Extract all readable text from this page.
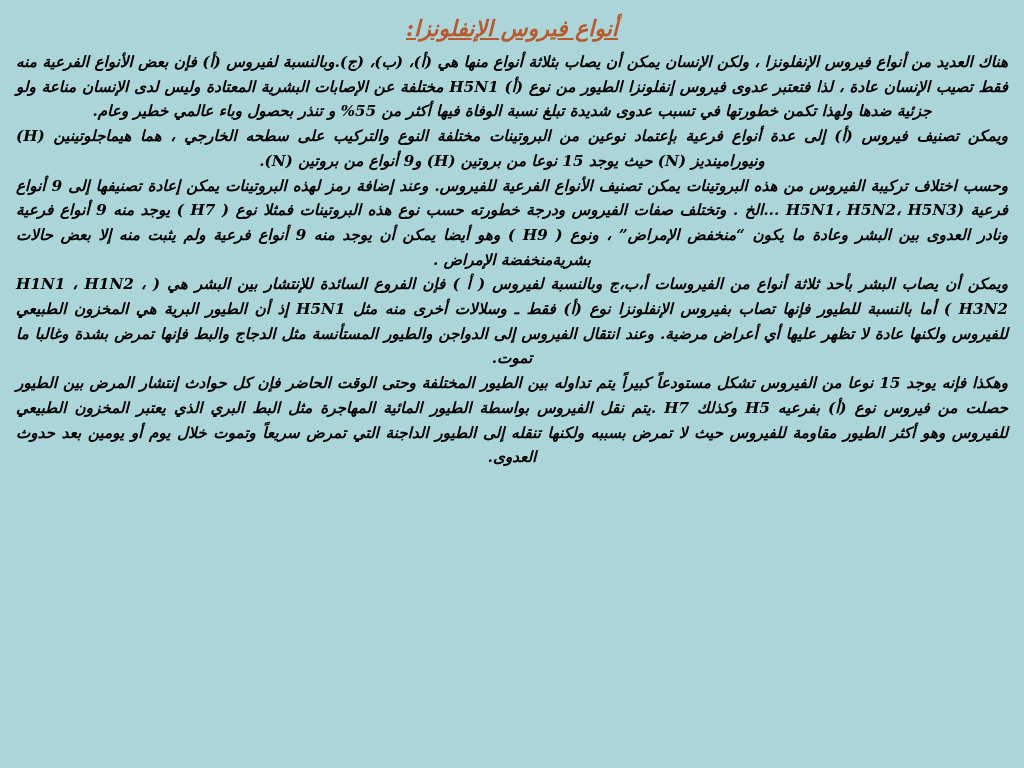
أنواع فيروس الإنفلونزا:

هناك العديد من أنواع فيروس الإنفلونزا ، ولكن الإنسان يمكن أن يصاب بثلاثة أنواع منها هي (أ)، (ب)، (ج).وبالنسبة لفيروس (أ) فإن بعض الأنواع الفرعية منه فقط تصيب الإنسان عادة ، لذا فتعتبر عدوى فيروس إنفلونزا الطيور من نوع (أ) H5N1 مختلفة عن الإصابات البشرية المعتادة وليس لدى الإنسان مناعة ولو جزئية ضدها ولهذا تكمن خطورتها في تسبب عدوى شديدة تبلغ نسبة الوفاة فيها أكثر من 55% و تنذر بحصول وباء عالمي خطير وعام.

ويمكن تصنيف فيروس (أ) إلى عدة أنواع فرعية بإعتماد نوعين من البروتينات مختلفة النوع والتركيب على سطحه الخارجي ، هما هيماجلوتينين (H) ونيورامينديز (N) حيث يوجد 15 نوعا من بروتين (H) و9 أنواع من بروتين (N).

وحسب اختلاف تركيبة الفيروس من هذه البروتينات يمكن تصنيف الأنواع الفرعية للفيروس. وعند إضافة رمز لهذه البروتينات يمكن إعادة تصنيفها إلى 9 أنواع فرعية (H5N1، H5N2، H5N3 ...الخ . وتختلف صفات الفيروس ودرجة خطورته حسب نوع هذه البروتينات فمثلا نوع ( H7 ) يوجد منه 9 أنواع فرعية ونادر العدوى بين البشر وعادة ما يكون “منخفض الإمراض” ، ونوع ( H9 ) وهو أيضا يمكن أن يوجد منه 9 أنواع فرعية ولم يثبت منه إلا بعض حالات بشريةمنخفضة الإمراض .

ويمكن أن يصاب البشر بأحد ثلاثة أنواع من الفيروسات أ،ب،ج وبالنسبة لفيروس ( أ ) فإن الفروع السائدة للإنتشار بين البشر هي ( H1N1 ، H1N2 ، H3N2 ) أما بالنسبة للطيور فإنها تصاب بفيروس الإنفلونزا نوع (أ) فقط ـ وسلالات أخرى منه مثل H5N1 إذ أن الطيور البرية هي المخزون الطبيعي للفيروس ولكنها عادة لا تظهر عليها أي أعراض مرضية. وعند انتقال الفيروس إلى الدواجن والطيور المستأنسة مثل الدجاج والبط فإنها تمرض بشدة وغالبا ما تموت.

وهكذا فإنه يوجد 15 نوعا من الفيروس تشكل مستودعاً كبيراً يتم تداوله بين الطيور المختلفة وحتى الوقت الحاضر فإن كل حوادث إنتشار المرض بين الطيور حصلت من فيروس نوع (أ) بفرعيه H5 وكذلك H7 .يتم نقل الفيروس بواسطة الطيور المائية المهاجرة مثل البط البري الذي يعتبر المخزون الطبيعي للفيروس وهو أكثر الطيور مقاومة للفيروس حيث لا تمرض بسببه ولكنها تنقله إلى الطيور الداجنة التي تمرض سريعاً وتموت خلال يوم أو يومين بعد حدوث العدوى.
